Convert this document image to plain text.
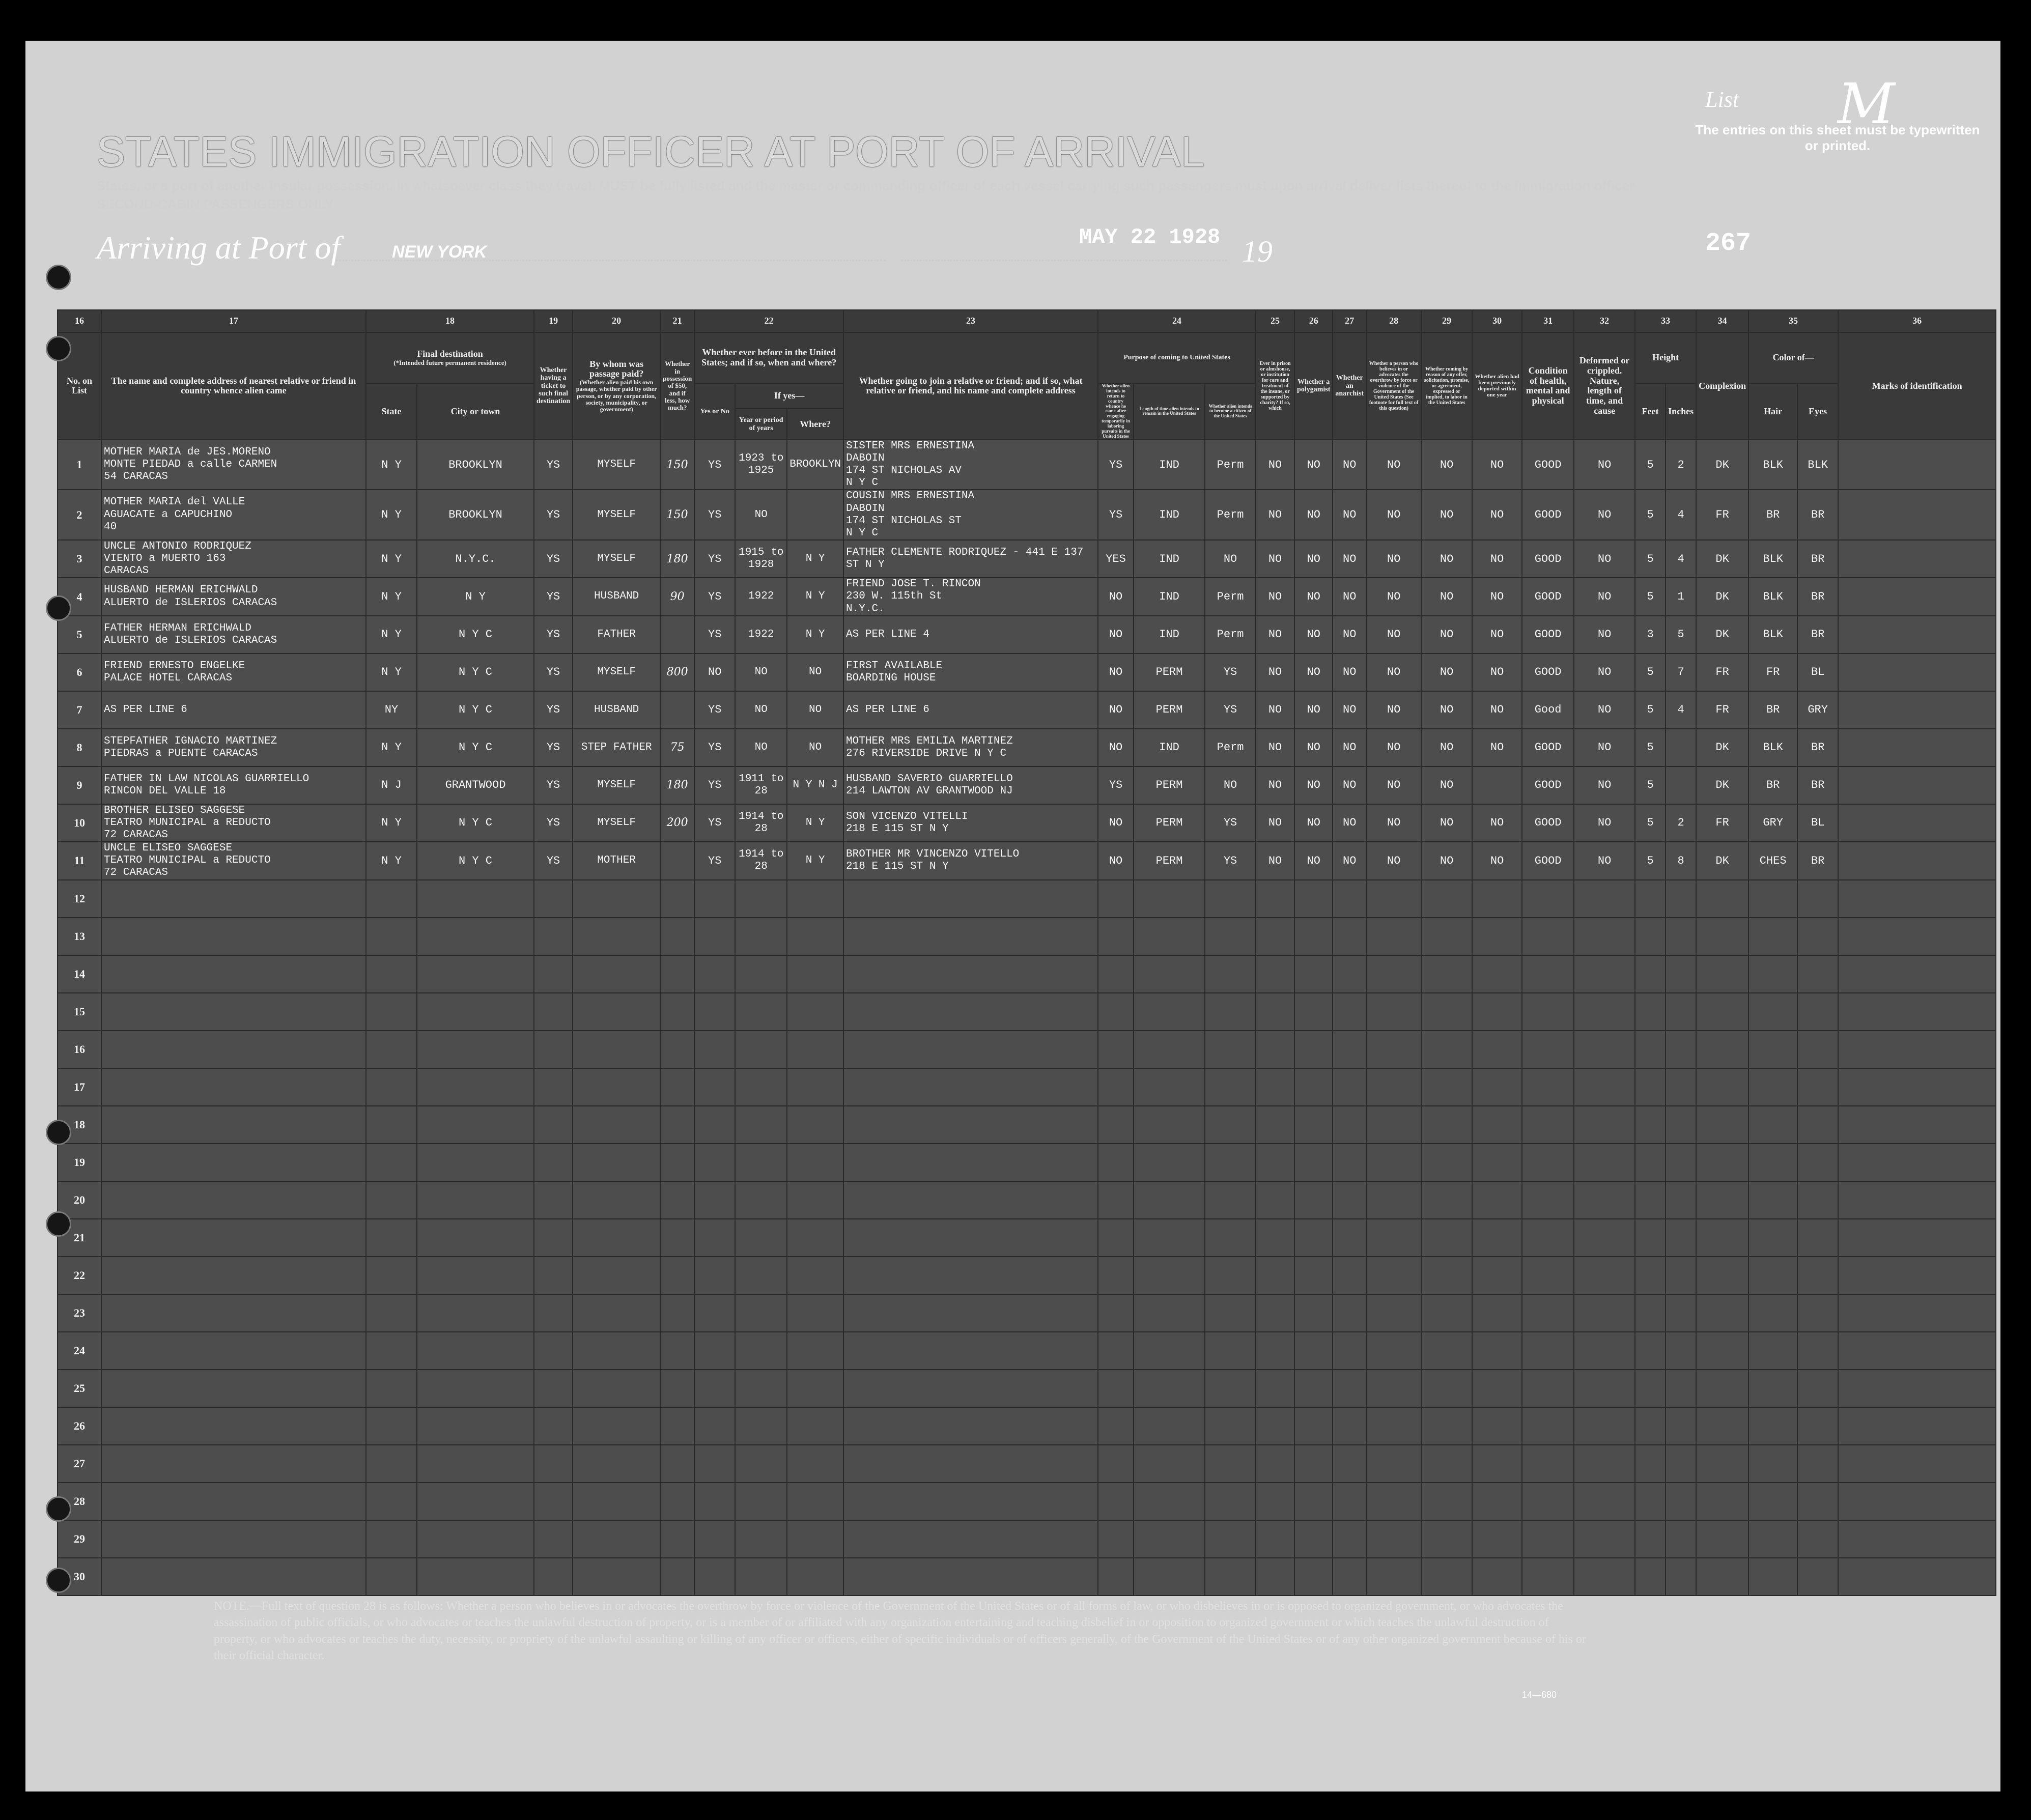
List M
The entries on this sheet must be typewritten or printed.
STATES IMMIGRATION OFFICER AT PORT OF ARRIVAL
States, or a port of another insular possession, in whatsoever class they travel, MUST be fully listed and the master or commanding officer of each vessel carrying such passengers must upon arrival deliver lists thereof to the immigration officer
SECOND-CABIN PASSENGERS ONLY
Arriving at Port of	NEW YORK
MAY 22 1928 19	267
16	17	18		19	20	21	22			23	24			25	26	27	28	29	30	31	32	33		34	35		36
No. on List	The name and complete address of nearest relative or friend in country whence alien came	Final destination
(*Intended future permanent residence)		Whether having a ticket to such final destination	By whom was passage paid?
(Whether alien paid his own passage, whether paid by other person, or by any corporation, society, municipality, or government)	Whether in possession of $50, and if less, how much?	Whether ever before in the United States; and if so, when and where?			Whether going to join a relative or friend; and if so, what relative or friend, and his name and complete address	Purpose of coming to United States			Ever in prison or almshouse, or institution for care and treatment of the insane, or supported by charity? If so, which	Whether a polygamist	Whether an anarchist	Whether a person who believes in or advocates the overthrow by force or violence of the Government of the United States (See footnote for full text of this question)	Whether coming by reason of any offer, solicitation, promise, or agreement, expressed or implied, to labor in the United States	Whether alien had been previously deported within one year	Condition of health, mental and physical	Deformed or crippled. Nature, length of time, and cause	Height		Complexion	Color of—		Marks of identification
		State	City or town				Yes or No	If yes—			Whether alien intends to return to country whence he came after engaging temporarily in laboring pursuits in the United States	Length of time alien intends to remain in the United States	Whether alien intends to become a citizen of the United States									Feet	Inches		Hair	Eyes	
								Year or period of years	Where?																		
1	MOTHER MARIA de JES.MORENO
MONTE PIEDAD a calle CARMEN
54 CARACAS	N Y	BROOKLYN	YS	MYSELF	150	YS	1923 to 1925	BROOKLYN	SISTER MRS ERNESTINA
DABOIN
174 ST NICHOLAS AV
N Y C	YS	IND	Perm	NO	NO	NO	NO	NO	NO	GOOD	NO	5	2	DK	BLK	BLK	
2	MOTHER MARIA del VALLE
AGUACATE a CAPUCHINO
40	N Y	BROOKLYN	YS	MYSELF	150	YS	NO		COUSIN MRS ERNESTINA
DABOIN
174 ST NICHOLAS ST
N Y C	YS	IND	Perm	NO	NO	NO	NO	NO	NO	GOOD	NO	5	4	FR	BR	BR	
3	UNCLE ANTONIO RODRIQUEZ
VIENTO a MUERTO 163
CARACAS	N Y	N.Y.C.	YS	MYSELF	180	YS	1915 to 1928	N Y	FATHER CLEMENTE RODRIQUEZ - 441 E 137 ST N Y	YES	IND	NO	NO	NO	NO	NO	NO	NO	GOOD	NO	5	4	DK	BLK	BR	
4	HUSBAND HERMAN ERICHWALD
ALUERTO de ISLERIOS CARACAS	N Y	N Y	YS	HUSBAND	90	YS	1922	N Y	FRIEND JOSE T. RINCON
230 W. 115th St
N.Y.C.	NO	IND	Perm	NO	NO	NO	NO	NO	NO	GOOD	NO	5	1	DK	BLK	BR	
5	FATHER HERMAN ERICHWALD
ALUERTO de ISLERIOS CARACAS	N Y	N Y C	YS	FATHER		YS	1922	N Y	AS PER LINE 4	NO	IND	Perm	NO	NO	NO	NO	NO	NO	GOOD	NO	3	5	DK	BLK	BR	
6	FRIEND ERNESTO ENGELKE
PALACE HOTEL CARACAS	N Y	N Y C	YS	MYSELF	800	NO	NO	NO	FIRST AVAILABLE
BOARDING HOUSE	NO	PERM	YS	NO	NO	NO	NO	NO	NO	GOOD	NO	5	7	FR	FR	BL	
7	AS PER LINE 6	NY	N Y C	YS	HUSBAND		YS	NO	NO	AS PER LINE 6	NO	PERM	YS	NO	NO	NO	NO	NO	NO	Good	NO	5	4	FR	BR	GRY	
8	STEPFATHER IGNACIO MARTINEZ
PIEDRAS a PUENTE CARACAS	N Y	N Y C	YS	STEP FATHER	75	YS	NO	NO	MOTHER MRS EMILIA MARTINEZ
276 RIVERSIDE DRIVE N Y C	NO	IND	Perm	NO	NO	NO	NO	NO	NO	GOOD	NO	5		DK	BLK	BR	
9	FATHER IN LAW NICOLAS GUARRIELLO
RINCON DEL VALLE 18	N J	GRANTWOOD	YS	MYSELF	180	YS	1911 to 28	N Y N J	HUSBAND SAVERIO GUARRIELLO
214 LAWTON AV GRANTWOOD NJ	YS	PERM	NO	NO	NO	NO	NO	NO		GOOD	NO	5		DK	BR	BR	
10	BROTHER ELISEO SAGGESE
TEATRO MUNICIPAL a REDUCTO
72 CARACAS	N Y	N Y C	YS	MYSELF	200	YS	1914 to 28	N Y	SON VICENZO VITELLI
218 E 115 ST N Y	NO	PERM	YS	NO	NO	NO	NO	NO	NO	GOOD	NO	5	2	FR	GRY	BL	
11	UNCLE ELISEO SAGGESE
TEATRO MUNICIPAL a REDUCTO
72 CARACAS	N Y	N Y C	YS	MOTHER		YS	1914 to 28	N Y	BROTHER MR VINCENZO VITELLO
218 E 115 ST N Y	NO	PERM	YS	NO	NO	NO	NO	NO	NO	GOOD	NO	5	8	DK	CHES	BR	
12																											
13																											
14																											
15																											
16																											
17																											
18																											
19																											
20																											
21																											
22																											
23																											
24																											
25																											
26																											
27																											
28																											
29																											
30																											
NOTE.—Full text of question 28 is as follows: Whether a person who believes in or advocates the overthrow by force or violence of the Government of the United States or of all forms of law, or who disbelieves in or is opposed to organized government, or who advocates the assassination of public officials, or who advocates or teaches the unlawful destruction of property, or is a member of or affiliated with any organization entertaining and teaching disbelief in or opposition to organized government or which teaches the unlawful destruction of property, or who advocates or teaches the duty, necessity, or propriety of the unlawful assaulting or killing of any officer or officers, either of specific individuals or of officers generally, of the Government of the United States or of any other organized government because of his or their official character.
14—680
